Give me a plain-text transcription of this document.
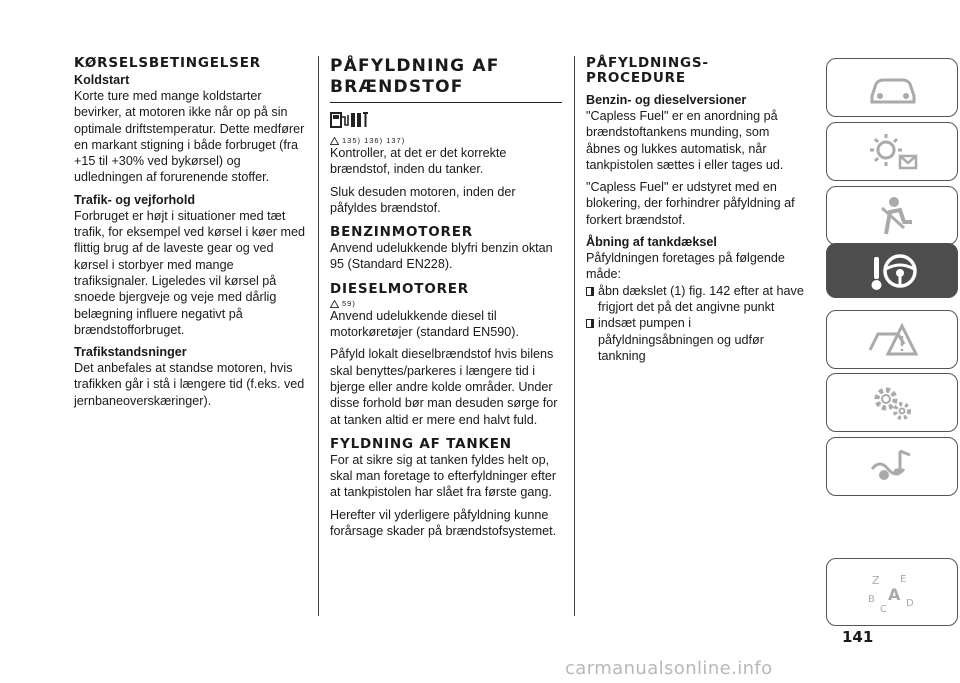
KØRSELSBETINGELSER
Koldstart
Korte ture med mange koldstarter bevirker, at motoren ikke når op på sin optimale driftstemperatur. Dette medfører en markant stigning i både forbruget (fra +15 til +30% ved bykørsel) og udledningen af forurenende stoffer.
Trafik- og vejforhold
Forbruget er højt i situationer med tæt trafik, for eksempel ved kørsel i køer med flittig brug af de laveste gear og ved kørsel i storbyer med mange trafiksignaler. Ligeledes vil kørsel på snoede bjergveje og veje med dårlig belægning influere negativt på brændstofforbruget.
Trafikstandsninger
Det anbefales at standse motoren, hvis trafikken går i stå i længere tid (f.eks. ved jernbaneoverskæringer).
PÅFYLDNING AF BRÆNDSTOF
135) 136) 137)
Kontroller, at det er det korrekte brændstof, inden du tanker.
Sluk desuden motoren, inden der påfyldes brændstof.
BENZINMOTORER
Anvend udelukkende blyfri benzin oktan 95 (Standard EN228).
DIESELMOTORER
59)
Anvend udelukkende diesel til motorkøretøjer (standard EN590).
Påfyld lokalt dieselbrændstof hvis bilens skal benyttes/parkeres i længere tid i bjerge eller andre kolde områder. Under disse forhold bør man desuden sørge for at tanken altid er mere end halvt fuld.
FYLDNING AF TANKEN
For at sikre sig at tanken fyldes helt op, skal man foretage to efterfyldninger efter at tankpistolen har slået fra første gang.
Herefter vil yderligere påfyldning kunne forårsage skader på brændstofsystemet.
PÅFYLDNINGS-PROCEDURE
Benzin- og dieselversioner
"Capless Fuel" er en anordning på brændstoftankens munding, som åbnes og lukkes automatisk, når tankpistolen sættes i eller tages ud.
"Capless Fuel" er udstyret med en blokering, der forhindrer påfyldning af forkert brændstof.
Åbning af tankdæksel
Påfyldningen foretages på følgende måde:
åbn dækslet (1) fig. 142 efter at have frigjort det på det angivne punkt
indsæt pumpen i påfyldningsåbningen og udfør tankning
Z E
B A D
C
141
carmanualsonline.info
